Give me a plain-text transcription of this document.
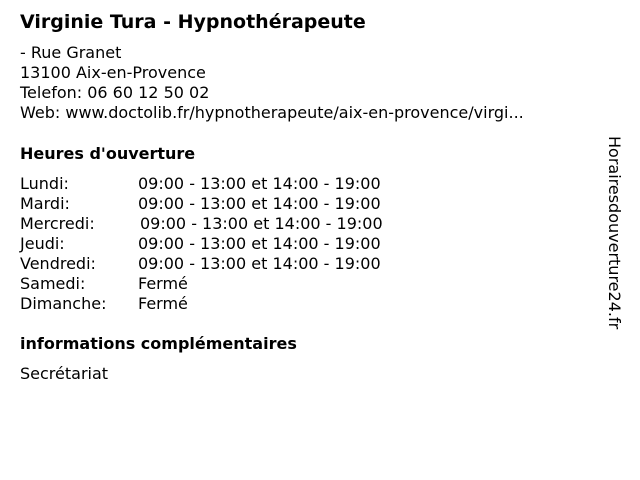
Virginie Tura - Hypnothérapeute
- Rue Granet
13100 Aix-en-Provence
Telefon: 06 60 12 50 02
Web: www.doctolib.fr/hypnotherapeute/aix-en-provence/virgi...
Heures d'ouverture
Lundi:	09:00 - 13:00 et 14:00 - 19:00
Mardi:	09:00 - 13:00 et 14:00 - 19:00
Mercredi:	09:00 - 13:00 et 14:00 - 19:00
Jeudi:	09:00 - 13:00 et 14:00 - 19:00
Vendredi:	09:00 - 13:00 et 14:00 - 19:00
Samedi:	Fermé
Dimanche: Fermé
informations complémentaires
Secrétariat
Horairesdouverture24.fr
